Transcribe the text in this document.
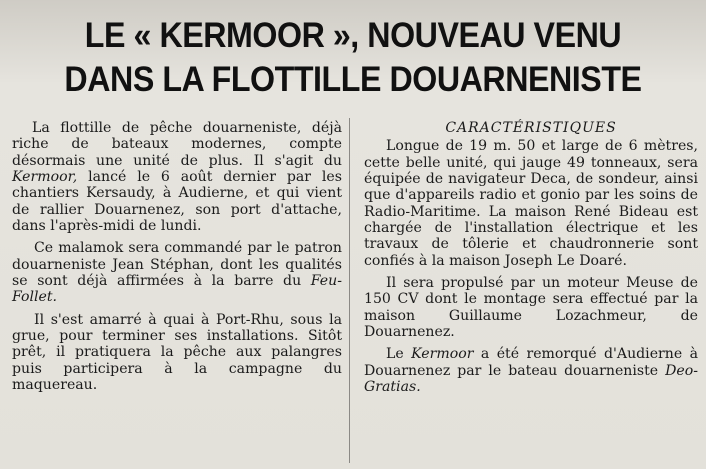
LE « KERMOOR », NOUVEAU VENU
DANS LA FLOTTILLE DOUARNENISTE

La flottille de pêche douarneniste, déjà riche de bateaux modernes, compte désormais une unité de plus. Il s'agit du Kermoor, lancé le 6 août dernier par les chantiers Kersaudy, à Audierne, et qui vient de rallier Douarnenez, son port d'attache, dans l'après-midi de lundi.

Ce malamok sera commandé par le patron douarneniste Jean Stéphan, dont les qualités se sont déjà affirmées à la barre du Feu-Follet.

Il s'est amarré à quai à Port-Rhu, sous la grue, pour terminer ses installations. Sitôt prêt, il pratiquera la pêche aux palangres puis participera à la campagne du maquereau.

CARACTÉRISTIQUES

Longue de 19 m. 50 et large de 6 mètres, cette belle unité, qui jauge 49 tonneaux, sera équipée de navigateur Deca, de sondeur, ainsi que d'appareils radio et gonio par les soins de Radio-Maritime. La maison René Bideau est chargée de l'installation électrique et les travaux de tôlerie et chaudronnerie sont confiés à la maison Joseph Le Doaré.

Il sera propulsé par un moteur Meuse de 150 CV dont le montage sera effectué par la maison Guillaume Lozachmeur, de Douarnenez.

Le Kermoor a été remorqué d'Audierne à Douarnenez par le bateau douarneniste Deo-Gratias.
